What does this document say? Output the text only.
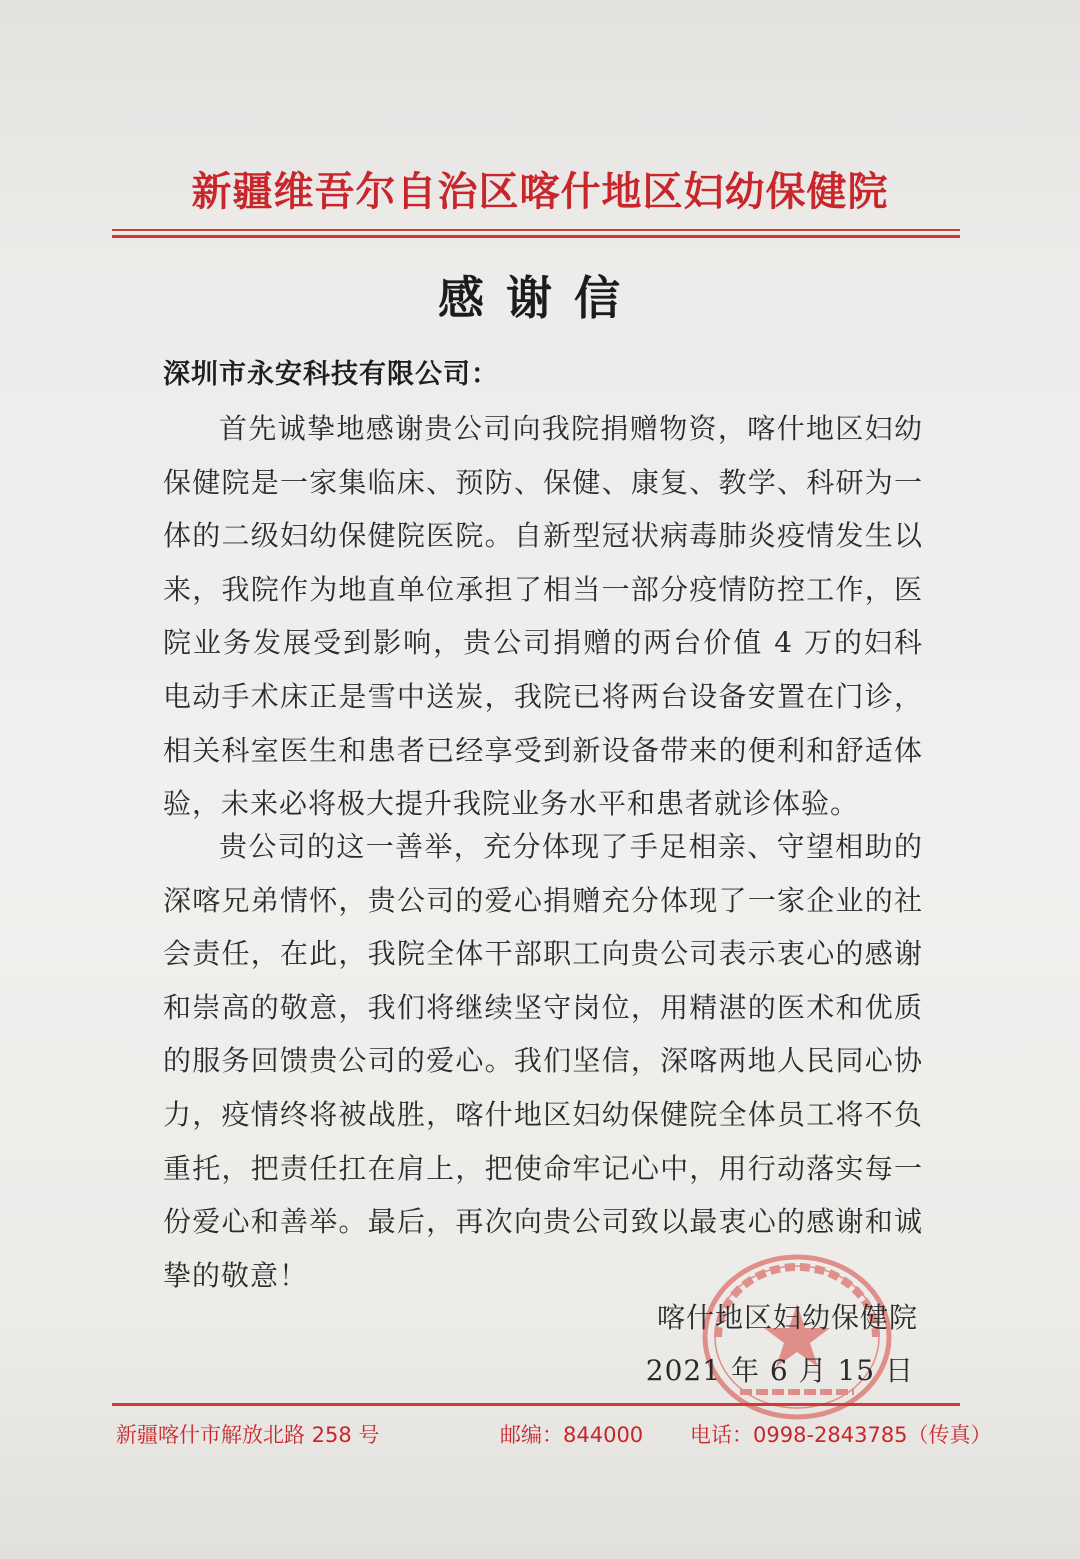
新疆维吾尔自治区喀什地区妇幼保健院
感谢信
深圳市永安科技有限公司：

首先诚挚地感谢贵公司向我院捐赠物资，喀什地区妇幼保健院是一家集临床、预防、保健、康复、教学、科研为一体的二级妇幼保健院医院。自新型冠状病毒肺炎疫情发生以来，我院作为地直单位承担了相当一部分疫情防控工作，医院业务发展受到影响，贵公司捐赠的两台价值 4 万的妇科电动手术床正是雪中送炭，我院已将两台设备安置在门诊，相关科室医生和患者已经享受到新设备带来的便利和舒适体验，未来必将极大提升我院业务水平和患者就诊体验。

贵公司的这一善举，充分体现了手足相亲、守望相助的深喀兄弟情怀，贵公司的爱心捐赠充分体现了一家企业的社会责任，在此，我院全体干部职工向贵公司表示衷心的感谢和崇高的敬意，我们将继续坚守岗位，用精湛的医术和优质的服务回馈贵公司的爱心。我们坚信，深喀两地人民同心协力，疫情终将被战胜，喀什地区妇幼保健院全体员工将不负重托，把责任扛在肩上，把使命牢记心中，用行动落实每一份爱心和善举。最后，再次向贵公司致以最衷心的感谢和诚挚的敬意！

喀什地区妇幼保健院
2021 年 6 月 15 日
新疆喀什市解放北路 258 号	邮编：844000 电话：0998-2843785（传真）
